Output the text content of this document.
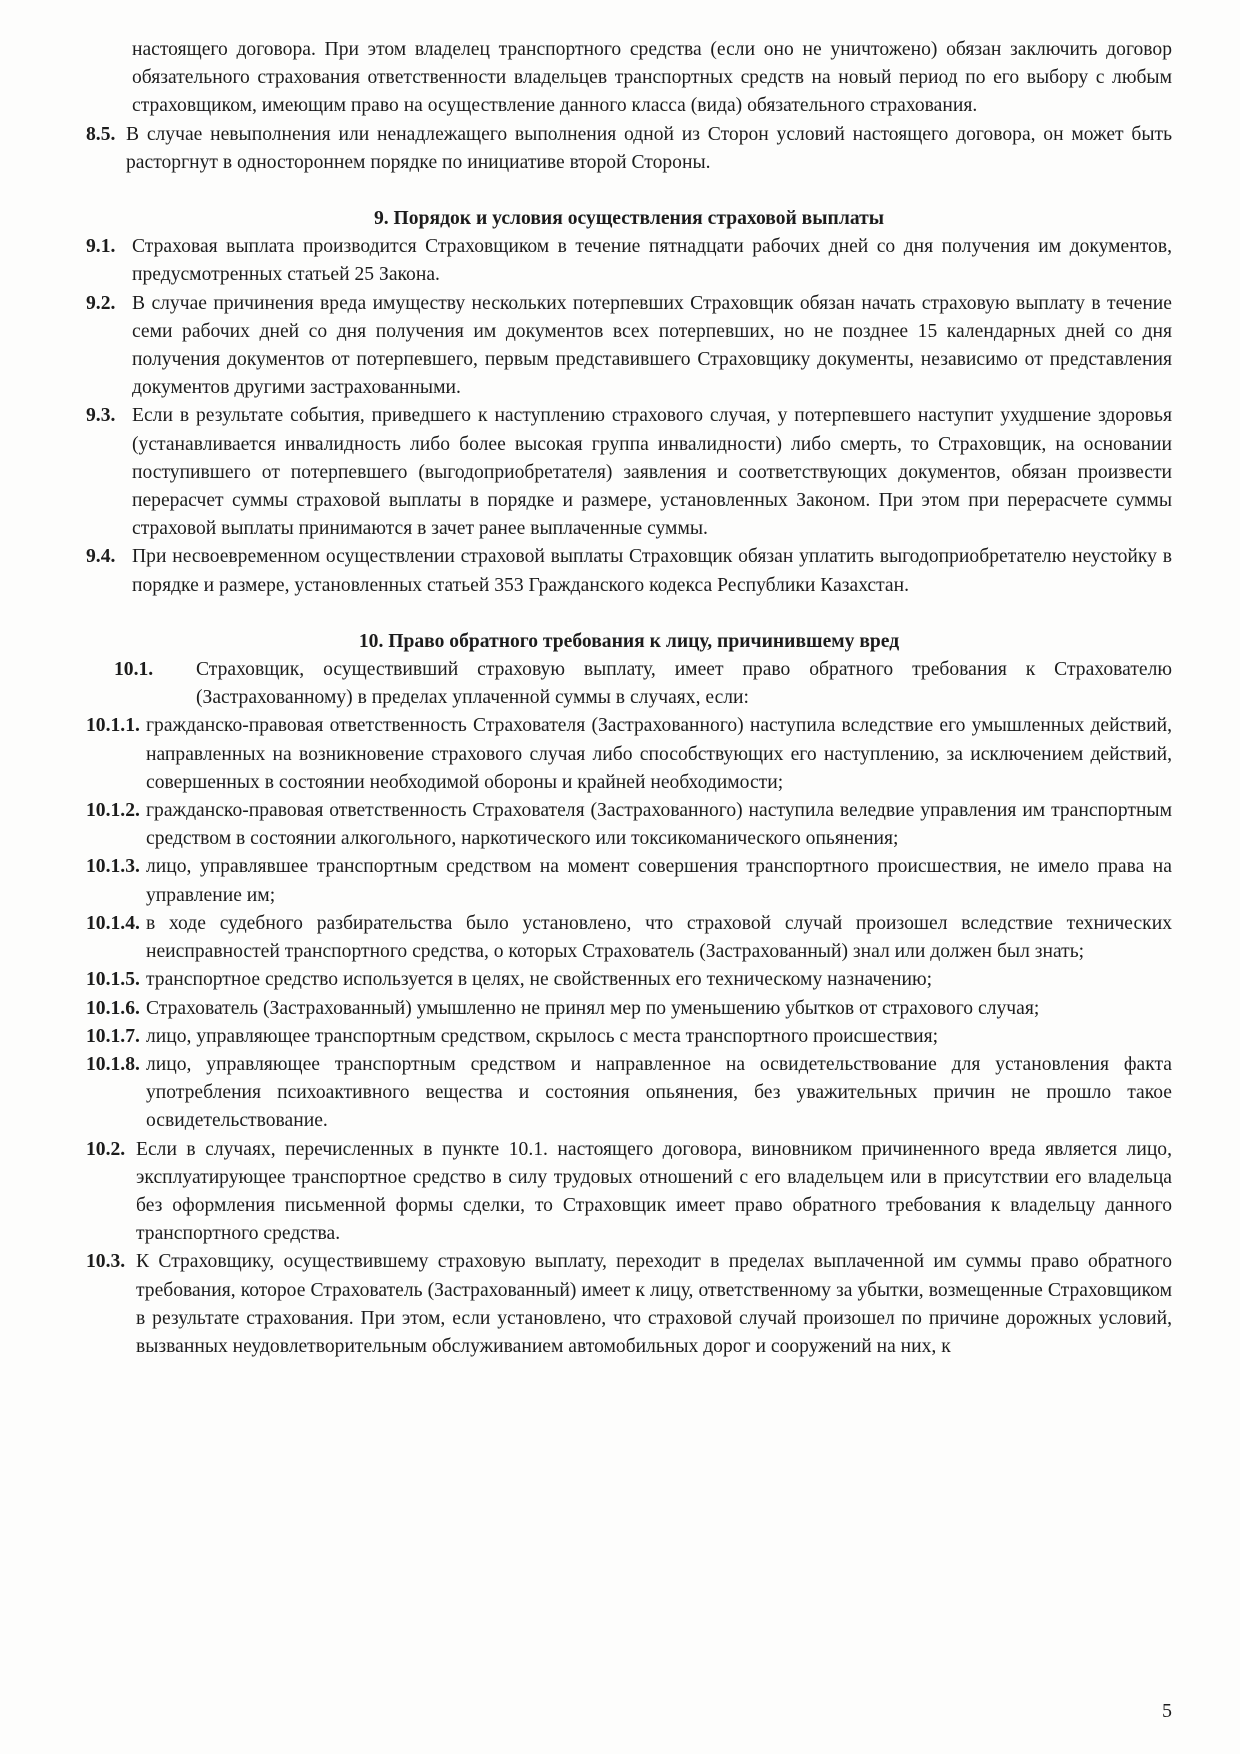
настоящего договора. При этом владелец транспортного средства (если оно не уничтожено) обязан заключить договор обязательного страхования ответственности владельцев транспортных средств на новый период по его выбору с любым страховщиком, имеющим право на осуществление данного класса (вида) обязательного страхования.
8.5. В случае невыполнения или ненадлежащего выполнения одной из Сторон условий настоящего договора, он может быть расторгнут в одностороннем порядке по инициативе второй Стороны.

9. Порядок и условия осуществления страховой выплаты

9.1. Страховая выплата производится Страховщиком в течение пятнадцати рабочих дней со дня получения им документов, предусмотренных статьей 25 Закона.
9.2. В случае причинения вреда имуществу нескольких потерпевших Страховщик обязан начать страховую выплату в течение семи рабочих дней со дня получения им документов всех потерпевших, но не позднее 15 календарных дней со дня получения документов от потерпевшего, первым представившего Страховщику документы, независимо от представления документов другими застрахованными.
9.3. Если в результате события, приведшего к наступлению страхового случая, у потерпевшего наступит ухудшение здоровья (устанавливается инвалидность либо более высокая группа инвалидности) либо смерть, то Страховщик, на основании поступившего от потерпевшего (выгодоприобретателя) заявления и соответствующих документов, обязан произвести перерасчет суммы страховой выплаты в порядке и размере, установленных Законом. При этом при перерасчете суммы страховой выплаты принимаются в зачет ранее выплаченные суммы.
9.4. При несвоевременном осуществлении страховой выплаты Страховщик обязан уплатить выгодоприобретателю неустойку в порядке и размере, установленных статьей 353 Гражданского кодекса Республики Казахстан.

10. Право обратного требования к лицу, причинившему вред

10.1.	Страховщик, осуществивший страховую выплату, имеет право обратного требования к Страхователю (Застрахованному) в пределах уплаченной суммы в случаях, если:
10.1.1. гражданско-правовая ответственность Страхователя (Застрахованного) наступила вследствие его умышленных действий, направленных на возникновение страхового случая либо способствующих его наступлению, за исключением действий, совершенных в состоянии необходимой обороны и крайней необходимости;
10.1.2. гражданско-правовая ответственность Страхователя (Застрахованного) наступила веледвие управления им транспортным средством в состоянии алкогольного, наркотического или токсикоманического опьянения;
10.1.3. лицо, управлявшее транспортным средством на момент совершения транспортного происшествия, не имело права на управление им;
10.1.4. в ходе судебного разбирательства было установлено, что страховой случай произошел вследствие технических неисправностей транспортного средства, о которых Страхователь (Застрахованный) знал или должен был знать;
10.1.5. транспортное средство используется в целях, не свойственных его техническому назначению;
10.1.6. Страхователь (Застрахованный) умышленно не принял мер по уменьшению убытков от страхового случая;
10.1.7. лицо, управляющее транспортным средством, скрылось с места транспортного происшествия;
10.1.8. лицо, управляющее транспортным средством и направленное на освидетельствование для установления факта употребления психоактивного вещества и состояния опьянения, без уважительных причин не прошло такое освидетельствование.
10.2. Если в случаях, перечисленных в пункте 10.1. настоящего договора, виновником причиненного вреда является лицо, эксплуатирующее транспортное средство в силу трудовых отношений с его владельцем или в присутствии его владельца без оформления письменной формы сделки, то Страховщик имеет право обратного требования к владельцу данного транспортного средства.
10.3. К Страховщику, осуществившему страховую выплату, переходит в пределах выплаченной им суммы право обратного требования, которое Страхователь (Застрахованный) имеет к лицу, ответственному за убытки, возмещенные Страховщиком в результате страхования. При этом, если установлено, что страховой случай произошел по причине дорожных условий, вызванных неудовлетворительным обслуживанием автомобильных дорог и сооружений на них, к
5
